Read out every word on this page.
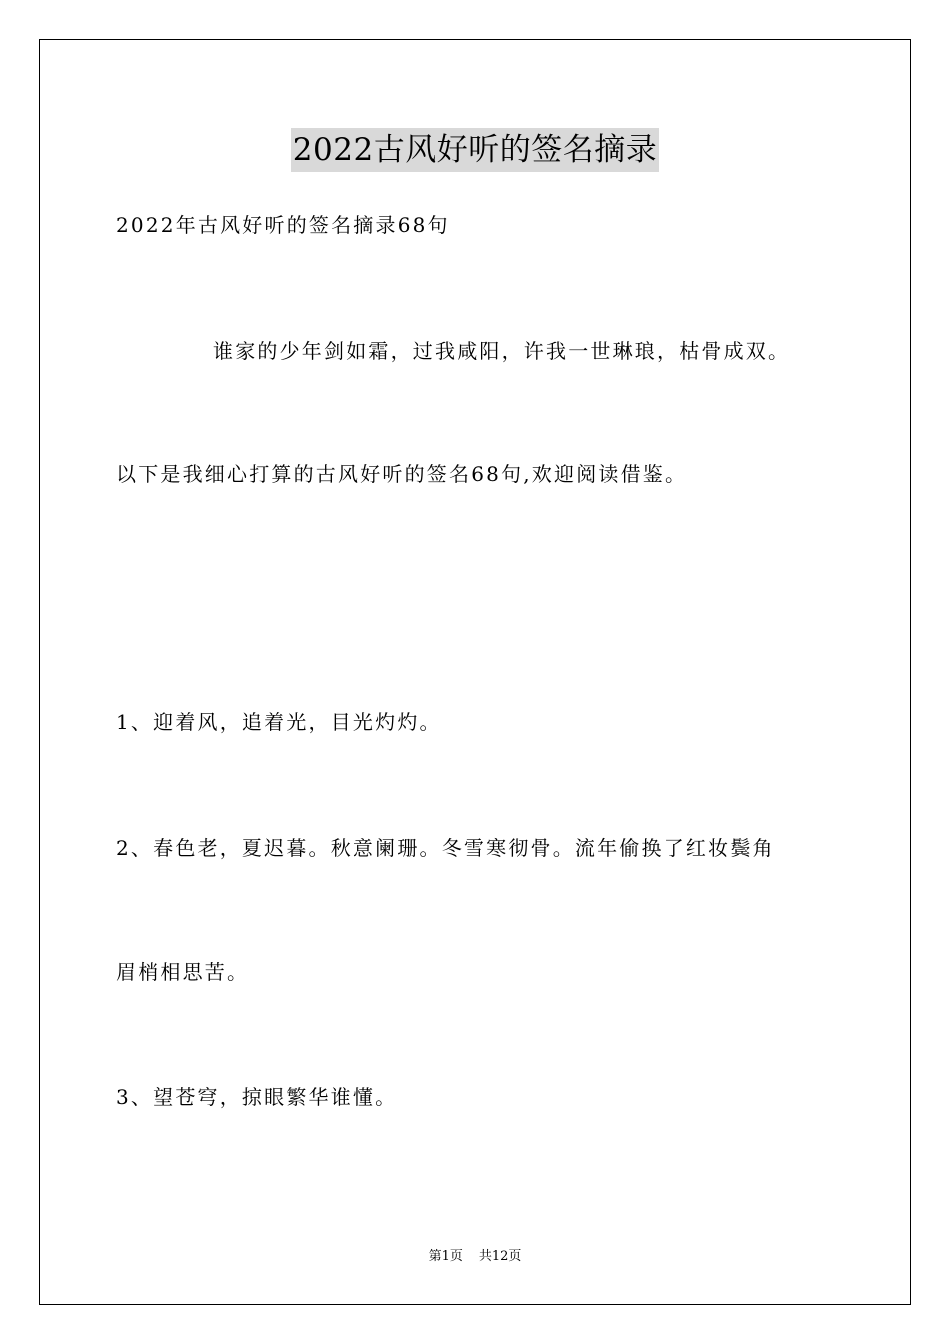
2022古风好听的签名摘录
2022年古风好听的签名摘录68句
谁家的少年剑如霜，过我咸阳，许我一世琳琅，枯骨成双。
以下是我细心打算的古风好听的签名68句,欢迎阅读借鉴。
1、迎着风，追着光，目光灼灼。
2、春色老，夏迟暮。秋意阑珊。冬雪寒彻骨。流年偷换了红妆鬓角
眉梢相思苦。
3、望苍穹，掠眼繁华谁懂。
第1页 共12页
